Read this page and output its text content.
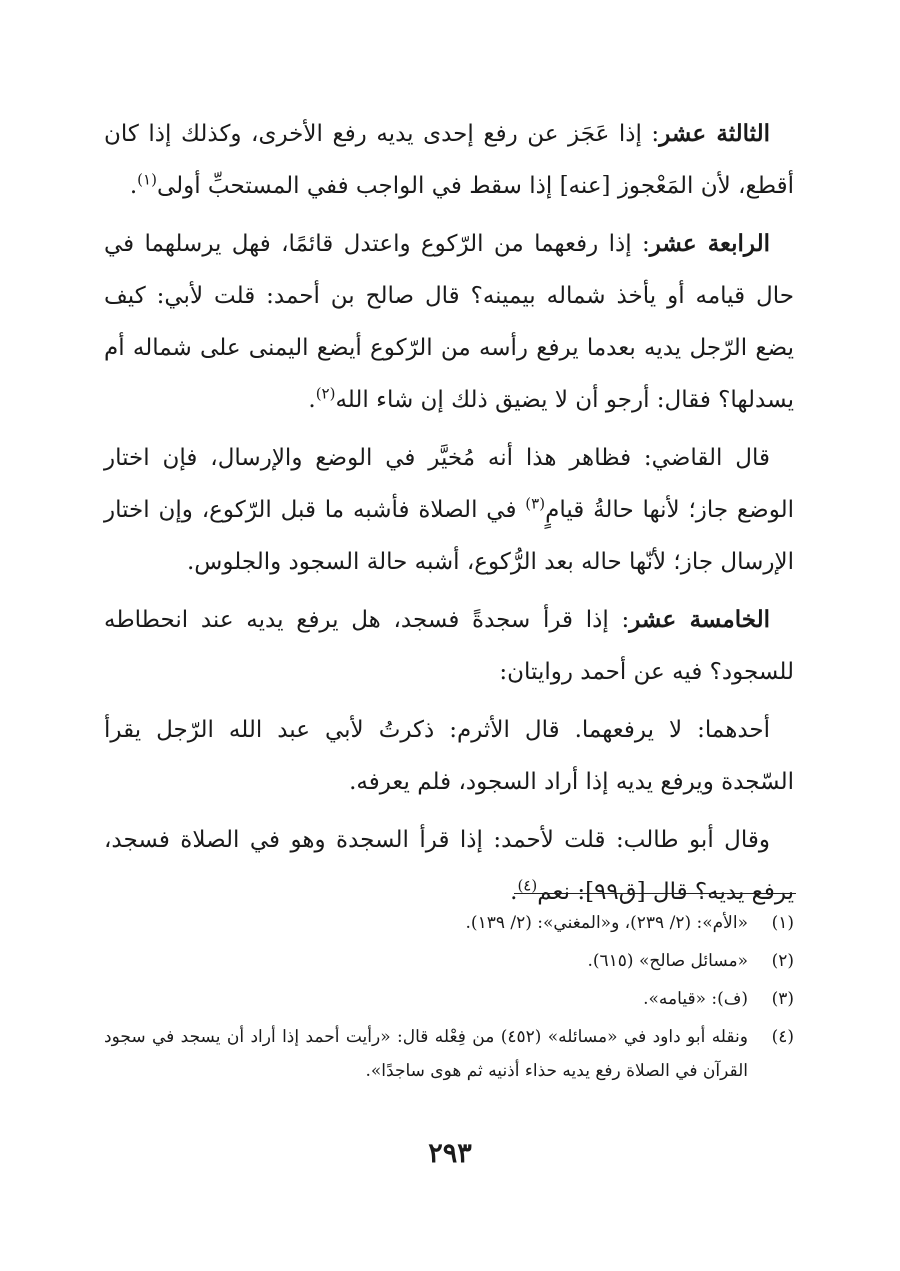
الثالثة عشر: إذا عَجَز عن رفع إحدى يديه رفع الأخرى، وكذلك إذا كان أقطع، لأن المَعْجوز [عنه] إذا سقط في الواجب ففي المستحبِّ أولى$^{(١)}$.

الرابعة عشر: إذا رفعهما من الرّكوع واعتدل قائمًا، فهل يرسلهما في حال قيامه أو يأخذ شماله بيمينه؟ قال صالح بن أحمد: قلت لأبي: كيف يضع الرّجل يديه بعدما يرفع رأسه من الرّكوع أيضع اليمنى على شماله أم يسدلها؟ فقال: أرجو أن لا يضيق ذلك إن شاء الله$^{(٢)}$.

قال القاضي: فظاهر هذا أنه مُخيَّر في الوضع والإرسال، فإن اختار الوضع جاز؛ لأنها حالةُ قيامٍ$^{(٣)}$ في الصلاة فأشبه ما قبل الرّكوع، وإن اختار الإرسال جاز؛ لأنّها حاله بعد الرُّكوع، أشبه حالة السجود والجلوس.

الخامسة عشر: إذا قرأ سجدةً فسجد، هل يرفع يديه عند انحطاطه للسجود؟ فيه عن أحمد روايتان:

أحدهما: لا يرفعهما. قال الأثرم: ذكرتُ لأبي عبد الله الرّجل يقرأ السّجدة ويرفع يديه إذا أراد السجود، فلم يعرفه.

وقال أبو طالب: قلت لأحمد: إذا قرأ السجدة وهو في الصلاة فسجد، يرفع يديه؟ قال [ق٩٩]: نعم$^{(٤)}$.

(١)
«الأم»: (٢/ ٢٣٩)، و«المغني»: (٢/ ١٣٩).
(٢)
«مسائل صالح» (٦١٥).
(٣)
(ف): «قيامه».
(٤)
ونقله أبو داود في «مسائله» (٤٥٢) من فِعْله قال: «رأيت أحمد إذا أراد أن يسجد في سجود القرآن في الصلاة رفع يديه حذاء أذنيه ثم هوى ساجدًا».
٢٩٣
